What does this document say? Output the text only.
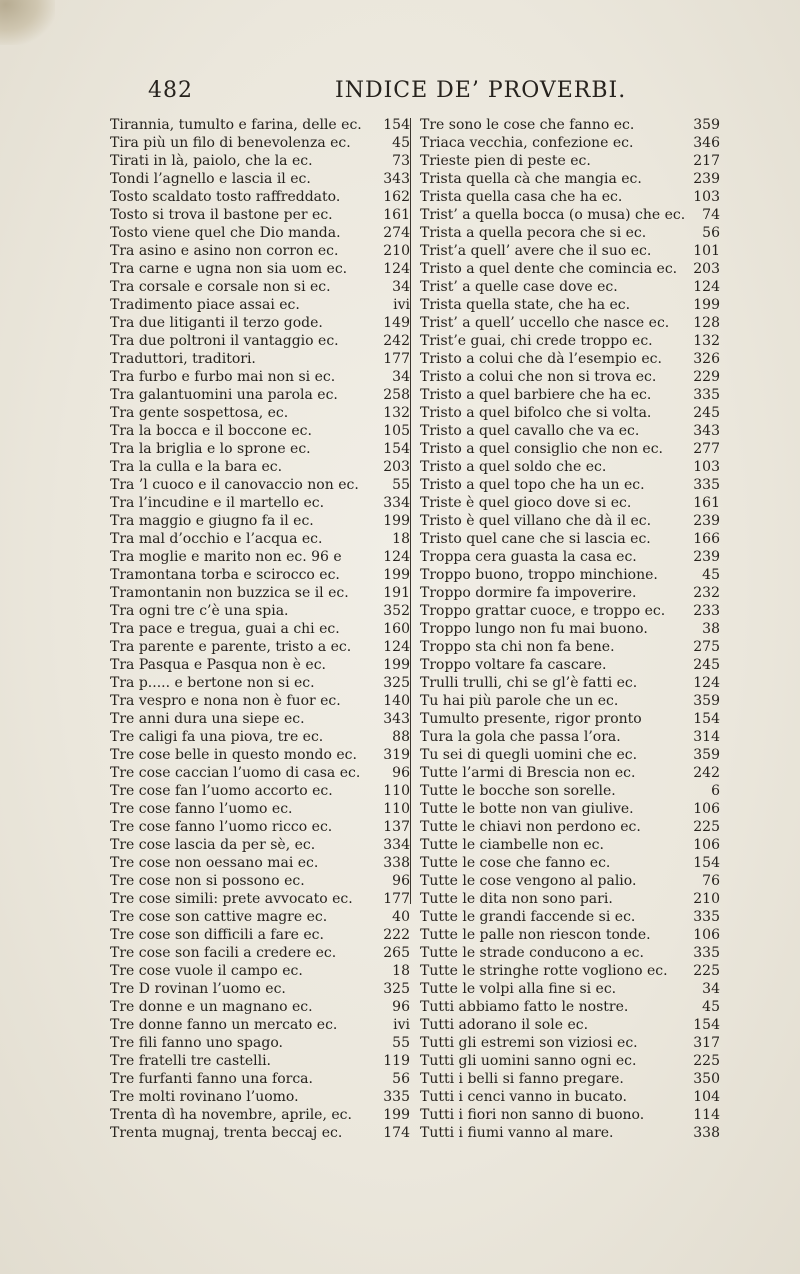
482	INDICE DE’ PROVERBI.
Tirannia, tumulto e farina, delle ec.	154
Tira più un filo di benevolenza ec.	45
Tirati in là, paiolo, che la ec.	73
Tondi l’agnello e lascia il ec.	343
Tosto scaldato tosto raffreddato.	162
Tosto si trova il bastone per ec.	161
Tosto viene quel che Dio manda.	274
Tra asino e asino non corron ec.	210
Tra carne e ugna non sia uom ec.	124
Tra corsale e corsale non si ec.	34
Tradimento piace assai ec.	ivi
Tra due litiganti il terzo gode.	149
Tra due poltroni il vantaggio ec.	242
Traduttori, traditori.	177
Tra furbo e furbo mai non si ec.	34
Tra galantuomini una parola ec.	258
Tra gente sospettosa, ec.	132
Tra la bocca e il boccone ec.	105
Tra la briglia e lo sprone ec.	154
Tra la culla e la bara ec.	203
Tra ’l cuoco e il canovaccio non ec.	55
Tra l’incudine e il martello ec.	334
Tra maggio e giugno fa il ec.	199
Tra mal d’occhio e l’acqua ec.	18
Tra moglie e marito non ec. 96 e	124
Tramontana torba e scirocco ec.	199
Tramontanin non buzzica se il ec.	191
Tra ogni tre c’è una spia.	352
Tra pace e tregua, guai a chi ec.	160
Tra parente e parente, tristo a ec.	124
Tra Pasqua e Pasqua non è ec.	199
Tra p..... e bertone non si ec.	325
Tra vespro e nona non è fuor ec.	140
Tre anni dura una siepe ec.	343
Tre caligi fa una piova, tre ec.	88
Tre cose belle in questo mondo ec.	319
Tre cose caccian l’uomo di casa ec.	96
Tre cose fan l’uomo accorto ec.	110
Tre cose fanno l’uomo ec.	110
Tre cose fanno l’uomo ricco ec.	137
Tre cose lascia da per sè, ec.	334
Tre cose non oessano mai ec.	338
Tre cose non si possono ec.	96
Tre cose simili: prete avvocato ec.	177
Tre cose son cattive magre ec.	40
Tre cose son difficili a fare ec.	222
Tre cose son facili a credere ec.	265
Tre cose vuole il campo ec.	18
Tre D rovinan l’uomo ec.	325
Tre donne e un magnano ec.	96
Tre donne fanno un mercato ec.	ivi
Tre fili fanno uno spago.	55
Tre fratelli tre castelli.	119
Tre furfanti fanno una forca.	56
Tre molti rovinano l’uomo.	335
Trenta dì ha novembre, aprile, ec.	199
Trenta mugnaj, trenta beccaj ec.	174
Tre sono le cose che fanno ec.	359
Triaca vecchia, confezione ec.	346
Trieste pien di peste ec.	217
Trista quella cà che mangia ec.	239
Trista quella casa che ha ec.	103
Trist’ a quella bocca (o musa) che ec.	74
Trista a quella pecora che si ec.	56
Trist’a quell’ avere che il suo ec.	101
Tristo a quel dente che comincia ec.	203
Trist’ a quelle case dove ec.	124
Trista quella state, che ha ec.	199
Trist’ a quell’ uccello che nasce ec.	128
Trist’e guai, chi crede troppo ec.	132
Tristo a colui che dà l’esempio ec.	326
Tristo a colui che non si trova ec.	229
Tristo a quel barbiere che ha ec.	335
Tristo a quel bifolco che si volta.	245
Tristo a quel cavallo che va ec.	343
Tristo a quel consiglio che non ec.	277
Tristo a quel soldo che ec.	103
Tristo a quel topo che ha un ec.	335
Triste è quel gioco dove si ec.	161
Tristo è quel villano che dà il ec.	239
Tristo quel cane che si lascia ec.	166
Troppa cera guasta la casa ec.	239
Troppo buono, troppo minchione.	45
Troppo dormire fa impoverire.	232
Troppo grattar cuoce, e troppo ec.	233
Troppo lungo non fu mai buono.	38
Troppo sta chi non fa bene.	275
Troppo voltare fa cascare.	245
Trulli trulli, chi se gl’è fatti ec.	124
Tu hai più parole che un ec.	359
Tumulto presente, rigor pronto	154
Tura la gola che passa l’ora.	314
Tu sei di quegli uomini che ec.	359
Tutte l’armi di Brescia non ec.	242
Tutte le bocche son sorelle.	6
Tutte le botte non van giulive.	106
Tutte le chiavi non perdono ec.	225
Tutte le ciambelle non ec.	106
Tutte le cose che fanno ec.	154
Tutte le cose vengono al palio.	76
Tutte le dita non sono pari.	210
Tutte le grandi faccende si ec.	335
Tutte le palle non riescon tonde.	106
Tutte le strade conducono a ec.	335
Tutte le stringhe rotte vogliono ec.	225
Tutte le volpi alla fine si ec.	34
Tutti abbiamo fatto le nostre.	45
Tutti adorano il sole ec.	154
Tutti gli estremi son viziosi ec.	317
Tutti gli uomini sanno ogni ec.	225
Tutti i belli si fanno pregare.	350
Tutti i cenci vanno in bucato.	104
Tutti i fiori non sanno di buono.	114
Tutti i fiumi vanno al mare.	338
